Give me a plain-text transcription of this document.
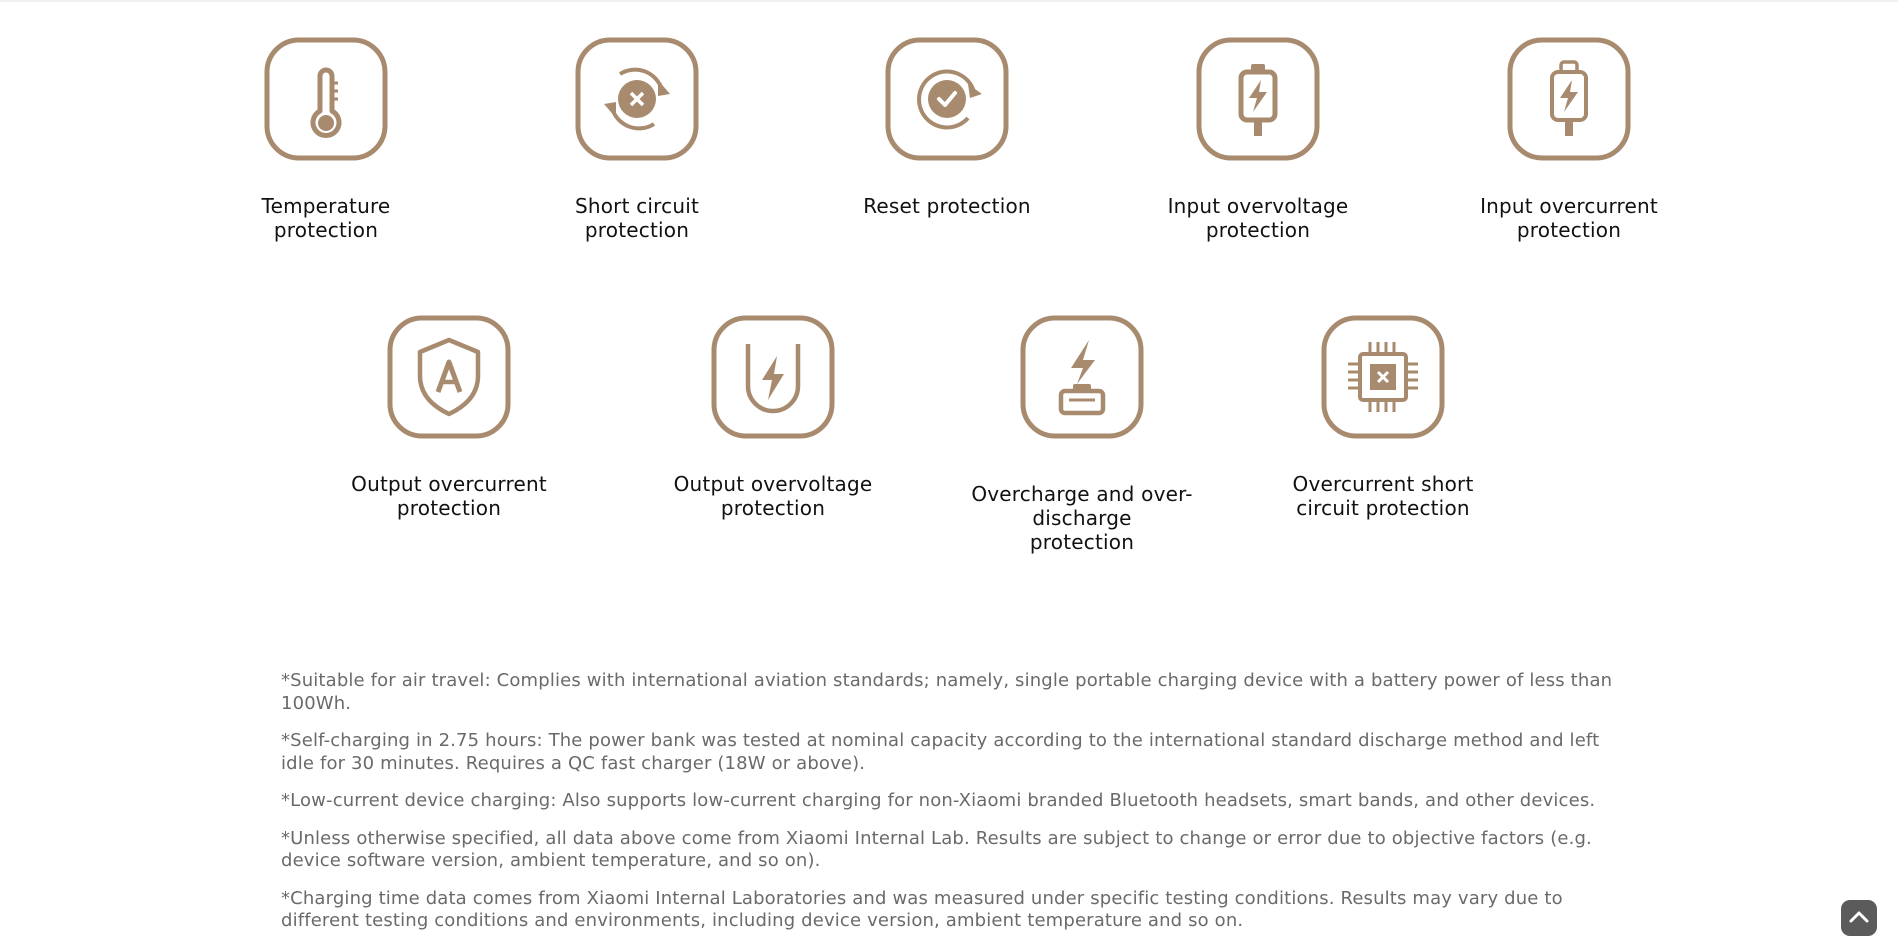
Temperature
protection
Short circuit
protection
Reset protection	Input overvoltage
protection
Input overcurrent
protection
Output overcurrent
protection
Output overvoltage
protection
Overcharge and over-discharge
protection
Overcurrent short
circuit protection

*Suitable for air travel: Complies with international aviation standards; namely, single portable charging device with a battery power of less than 100Wh.

*Self-charging in 2.75 hours: The power bank was tested at nominal capacity according to the international standard discharge method and left idle for 30 minutes. Requires a QC fast charger (18W or above).

*Low-current device charging: Also supports low-current charging for non-Xiaomi branded Bluetooth headsets, smart bands, and other devices.

*Unless otherwise specified, all data above come from Xiaomi Internal Lab. Results are subject to change or error due to objective factors (e.g. device software version, ambient temperature, and so on).

*Charging time data comes from Xiaomi Internal Laboratories and was measured under specific testing conditions. Results may vary due to different testing conditions and environments, including device version, ambient temperature and so on.
